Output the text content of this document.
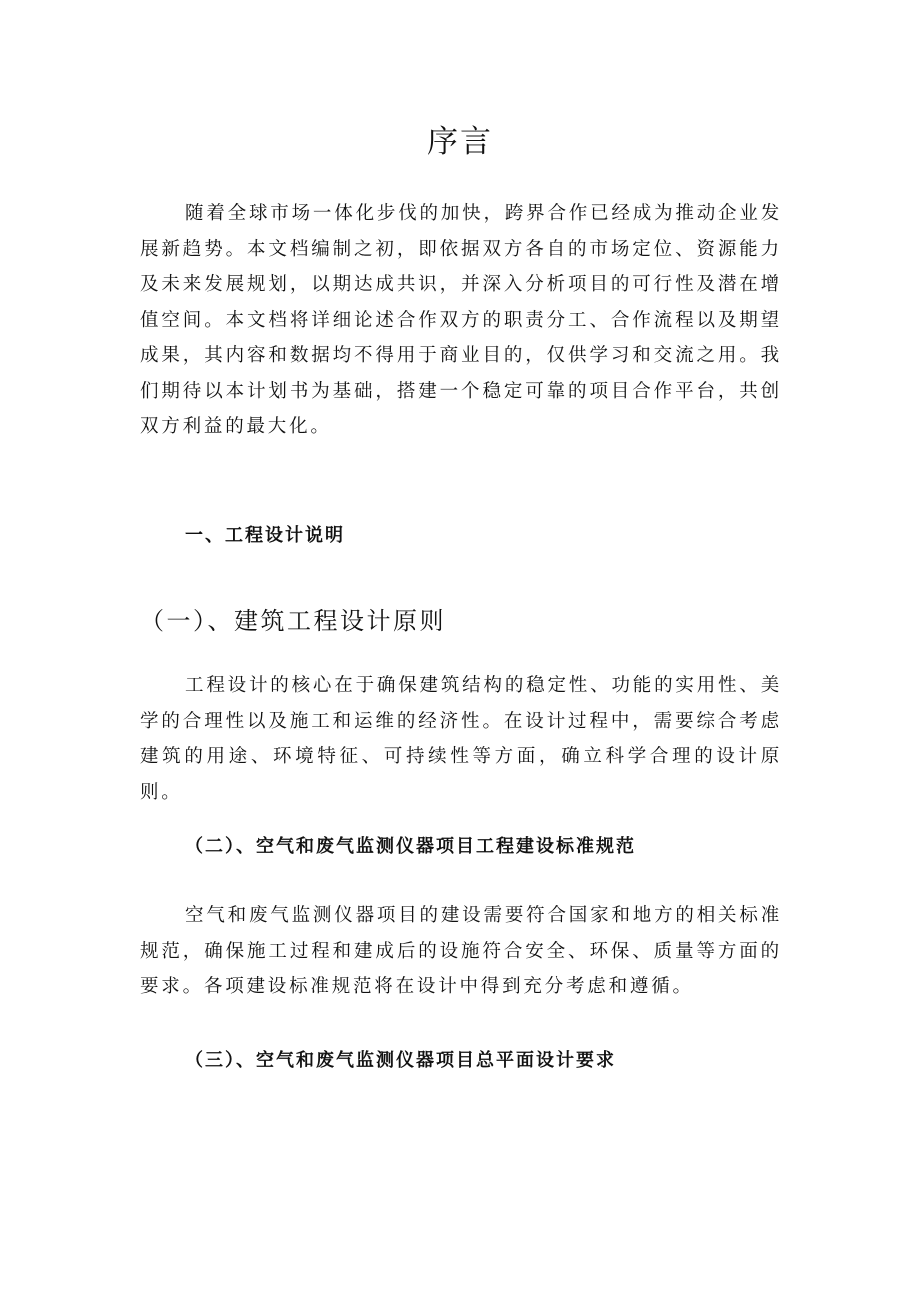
序言

随着全球市场一体化步伐的加快，跨界合作已经成为推动企业发展新趋势。本文档编制之初，即依据双方各自的市场定位、资源能力及未来发展规划，以期达成共识，并深入分析项目的可行性及潜在增值空间。本文档将详细论述合作双方的职责分工、合作流程以及期望成果，其内容和数据均不得用于商业目的，仅供学习和交流之用。我们期待以本计划书为基础，搭建一个稳定可靠的项目合作平台，共创双方利益的最大化。

一、工程设计说明
（一）、建筑工程设计原则

工程设计的核心在于确保建筑结构的稳定性、功能的实用性、美学的合理性以及施工和运维的经济性。在设计过程中，需要综合考虑建筑的用途、环境特征、可持续性等方面，确立科学合理的设计原则。

（二）、空气和废气监测仪器项目工程建设标准规范

空气和废气监测仪器项目的建设需要符合国家和地方的相关标准规范，确保施工过程和建成后的设施符合安全、环保、质量等方面的要求。各项建设标准规范将在设计中得到充分考虑和遵循。

（三）、空气和废气监测仪器项目总平面设计要求
